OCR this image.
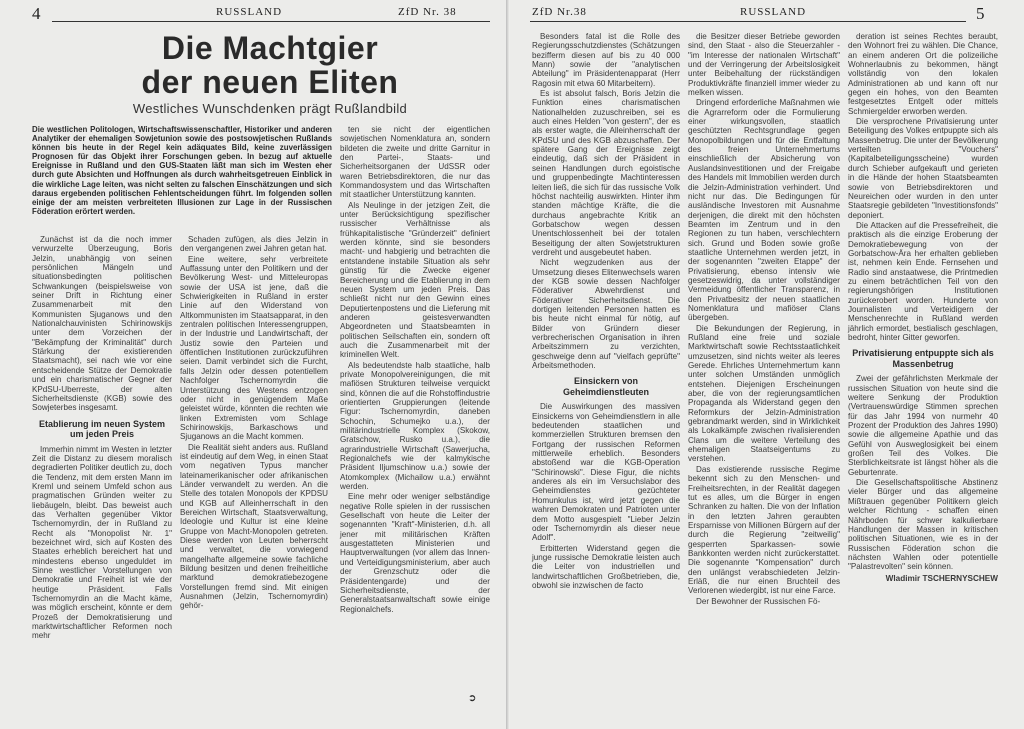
4	RUSSLAND	ZfD Nr. 38
Die Machtgier
der neuen Eliten
Westliches Wunschdenken prägt Rußlandbild
Die westlichen Politologen, Wirtschaftswissenschaftler, Historiker und anderen Analytiker der ehemaligen Sowjetunion sowie des postsowjetischen Rußlands können bis heute in der Regel kein adäquates Bild, keine zuverlässigen Prognosen für das Objekt ihrer Forschungen geben. In bezug auf aktuelle Ereignisse in Rußland und den GUS-Staaten läßt man sich im Westen eher durch gute Absichten und Hoffnungen als durch wahrheitsgetreuen Einblick in die wirkliche Lage leiten, was nicht selten zu falschen Einschätzungen und sich daraus ergebenden politischen Fehlentscheidungen führt. Im folgenden sollen einige der am meisten verbreiteten Illusionen zur Lage in der Russischen Föderation erörtert werden.

Zunächst ist da die noch immer verwurzelte Überzeugung, Boris Jelzin, unabhängig von seinen persönlichen Mängeln und situationsbedingten politischen Schwankungen (beispielsweise von seiner Drift in Richtung einer Zusammenarbeit mit den Kommunisten Sjuganows und den Nationalchauvinisten Schirinowskijs unter dem Vorzeichen der "Bekämpfung der Kriminalität" durch Stärkung der existierenden Staatsmacht), sei nach wie vor eine entscheidende Stütze der Demokratie und ein charismatischer Gegner der KPdSU-Uberreste, der alten Sicherheitsdienste (KGB) sowie des Sowjeterbes insgesamt.

Etablierung im neuen System um jeden Preis

Immerhin nimmt im Westen in letzter Zeit die Distanz zu diesem moralisch degradierten Politiker deutlich zu, doch die Tendenz, mit dem ersten Mann im Kreml und seinem Umfeld schon aus pragmatischen Gründen weiter zu liebäugeln, bleibt. Das beweist auch das Verhalten gegenüber Viktor Tschernomyrdin, der in Rußland zu Recht als "Monopolist Nr. 1" bezeichnet wird, sich auf Kosten des Staates erheblich bereichert hat und mindestens ebenso ungeduldet im Sinne westlicher Vorstellungen von Demokratie und Freiheit ist wie der heutige Präsident. Falls Tschernomyrdin an die Macht käme, was möglich erscheint, könnte er dem Prozeß der Demokratisierung und marktwirtschaftlicher Reformen noch mehr

Schaden zufügen, als dies Jelzin in den vergangenen zwei Jahren getan hat.

Eine weitere, sehr verbreitete Auffassung unter den Politikern und der Bevölkerung West- und Mitteleuropas sowie der USA ist jene, daß die Schwierigkeiten in Rußland in erster Linie auf den Widerstand von Altkommunisten im Staatsapparat, in den zentralen politischen Interessengruppen, in der Industrie und Landwirtschaft, der Justiz sowie den Parteien und öffentlichen Institutionen zurückzuführen seien. Damit verbindet sich die Furcht, falls Jelzin oder dessen potentiellem Nachfolger Tschernomyrdin die Unterstützung des Westens entzogen oder nicht in genügendem Maße geleistet würde, könnten die rechten wie linken Extremisten vom Schlage Schirinowskijs, Barkaschows und Sjuganows an die Macht kommen.

Die Realität sieht anders aus. Rußland ist eindeutig auf dem Weg, in einen Staat vom negativen Typus mancher lateinamerikanischer oder afrikanischen Länder verwandelt zu werden. An die Stelle des totalen Monopols der KPDSU und KGB auf Alleinherrschaft in den Bereichen Wirtschaft, Staatsverwaltung, Ideologie und Kultur ist eine kleine Gruppe von Macht-Monopolen getreten. Diese werden von Leuten beherrscht und verwaltet, die vorwiegend mangelhafte allgemeine sowie fachliche Bildung besitzen und denen freiheitliche marktund demokratiebezogene Vorstellungen fremd sind. Mit einigen Ausnahmen (Jelzin, Tschernomyrdin) gehör-

ten sie nicht der eigentlichen sowjetischen Nomenklatura an, sondern bildeten die zweite und dritte Garnitur in den Partei-, Staats- und Sicherheitsorganen der UdSSR oder waren Betriebsdirektoren, die nur das Kommandosystem und das Wirtschaften mit staatlicher Unterstützung kannten.

Als Neulinge in der jetzigen Zeit, die unter Berücksichtigung spezifischer russischer Verhältnisse als frühkapitalistische "Gründerzeit" definiert werden könnte, sind sie besonders macht- und habgierig und betrachten die entstandene instabile Situation als sehr günstig für die Zwecke eigener Bereicherung und die Etablierung in dem neuen System um jeden Preis. Das schließt nicht nur den Gewinn eines Deputiertenpostens und die Lieferung mit anderen geistesverwandten Abgeordneten und Staatsbeamten in politischen Seilschaften ein, sondern oft auch die Zusammenarbeit mit der kriminellen Welt.

Als bedeutendste halb staatliche, halb private Monopolvereinigungen, die mit mafiösen Strukturen teilweise verquickt sind, können die auf die Rohstoffindustrie orientierten Gruppierungen (leitende Figur: Tschernomyrdin, daneben Schochin, Schumejko u.a.), der militärindustrielle Komplex (Skokow, Gratschow, Rusko u.a.), die agrarindustrielle Wirtschaft (Sawerjucha, Regionalchefs wie der kalmykische Präsident Iljumschinow u.a.) sowie der Atomkomplex (Michailow u.a.) erwähnt werden.

Eine mehr oder weniger selbständige negative Rolle spielen in der russischen Gesellschaft von heute die Leiter der sogenannten "Kraft"-Ministerien, d.h. all jener mit militärischen Kräften ausgestatteten Ministerien und Hauptverwaltungen (vor allem das Innen- und Verteidigungsministerium, aber auch der Grenzschutz oder die Präsidentengarde) und der Sicherheitsdienste, der Generalstaatsanwaltschaft sowie einige Regionalchefs.

➲
ZfD Nr.38	RUSSLAND	5

Besonders fatal ist die Rolle des Regierungsschutzdienstes (Schätzungen bezifferm diesen auf bis zu 40 000 Mann) sowie der "analytischen Abteilung" im Präsidentenapparat (Herr Ragosin mit etwa 60 Mitarbeitern).

Es ist absolut falsch, Boris Jelzin die Funktion eines charismatischen Nationalhelden zuzuschreiben, sei es auch eines Helden "von gestern", der es als erster wagte, die Alleinherrschaft der KPdSU und des KGB abzuschaffen. Der spätere Gang der Ereignisse zeigt eindeutig, daß sich der Präsident in seinen Handlungen durch egoistische und gruppenbedingte Machtinteressen leiten ließ, die sich für das russische Volk höchst nachteilig auswirkten. Hinter ihm standen mächtige Kräfte, die die durchaus angebrachte Kritik an Gorbatschow wegen dessen Unentschlossenheit bei der totalen Beseitigung der alten Sowjetstrukturen verdreht und ausgebeutet haben.

Nicht wegzudenken aus der Umsetzung dieses Elitenwechsels waren der KGB sowie dessen Nachfolger Föderativer Abwehrdienst und Föderativer Sicherheitsdienst. Die dortigen leitenden Personen hatten es bis heute nicht einmal für nötig, auf Bilder von Gründern dieser verbrecherischen Organisation in ihren Arbeitszimmern zu verzichten, geschweige denn auf "vielfach geprüfte" Arbeitsmethoden.

Einsickern von Geheimdienstleuten

Die Auswirkungen des massiven Einsickerns von Geheimdienstlern in alle bedeutenden staatlichen und kommerziellen Strukturen bremsen den Fortgang der russischen Reformen mittlerweile erheblich. Besonders abstoßend war die KGB-Operation "Schirinowski". Diese Figur, die nichts anderes als ein im Versuchslabor des Geheimdienstes gezüchteter Homunkulus ist, wird jetzt gegen die wahren Demokraten und Patrioten unter dem Motto ausgespielt "Lieber Jelzin oder Tschernomyrdin als dieser neue Adolf".

Erbitterten Widerstand gegen die junge russische Demokratie leisten auch die Leiter von industriellen und landwirtschaftlichen Großbetrieben, die, obwohl sie inzwischen de facto

die Besitzer dieser Betriebe geworden sind, den Staat - also die Steuerzahler - "im Interesse der nationalen Wirtschaft" und der Verringerung der Arbeitslosigkeit unter Beibehaltung der rückständigen Produktivkräfte finanziell immer wieder zu melken wissen.

Dringend erforderliche Maßnahmen wie die Agrarreform oder die Formulierung einer wirkungsvollen, staatlich geschützten Rechtsgrundlage gegen Monopolbildungen und für die Entfaltung des freien Unternehmertums einschließlich der Absicherung von Auslandsinvestitionen und der Freigabe des Handels mit Immobilien werden durch die Jelzin-Administration verhindert. Und nicht nur das. Die Bedingungen für ausländische Investoren mit Ausnahme derjenigen, die direkt mit den höchsten Beamten im Zentrum und in den Regionen zu tun haben, verschlechtern sich. Grund und Boden sowie große staatliche Unternehmen werden jetzt, in der sogenannten "zweiten Etappe" der Privatisierung, ebenso intensiv wie gesetzeswidrig, da unter vollständiger Vermeidung öffentlicher Transparenz, in den Privatbesitz der neuen staatlichen Nomenklatura und mafiöser Clans übergeben.

Die Bekundungen der Regierung, in Rußland eine freie und soziale Marktwirtschaft sowie Rechtsstaatlichkeit umzusetzen, sind nichts weiter als leeres Gerede. Ehrliches Unternehmertum kann unter solchen Umständen unmöglich entstehen. Diejenigen Erscheinungen aber, die von der regierungsamtlichen Propaganda als Widerstand gegen den Reformkurs der Jelzin-Administration gebrandmarkt werden, sind in Wirklichkeit als Lokalkämpfe zwischen rivalisierenden Clans um die weitere Verteilung des ehemaligen Staatseigentums zu verstehen.

Das existierende russische Regime bekennt sich zu den Menschen- und Freiheitsrechten, in der Realität dagegen tut es alles, um die Bürger in engen Schranken zu halten. Die von der Inflation in den letzten Jahren geraubten Ersparnisse von Millionen Bürgern auf der durch die Regierung "zeitweilig" gesperrten Sparkassen- sowie Bankkonten werden nicht zurückerstattet. Die sogenannte "Kompensation" durch den unlängst verabschiedeten Jelzin-Erläß, die nur einen Bruchteil des Verlorenen wiedergibt, ist nur eine Farce.

Der Bewohner der Russischen Fö-

deration ist seines Rechtes beraubt, den Wohnort frei zu wählen. Die Chance, an einem anderen Ort die polizeiliche Wohnerlaubnis zu bekommen, hängt vollständig von den lokalen Administrationen ab und kann oft nur gegen ein hohes, von den Beamten festgesetztes Entgelt oder mittels Schmiergelder erworben werden.

Die versprochene Privatisierung unter Beteiligung des Volkes entpuppte sich als Massenbetrug. Die unter der Bevölkerung verteilten "Vouchers" (Kapitalbeteiligungsscheine) wurden durch Schieber aufgekauft und gerieten in die Hände der hohen Staatsbeamten sowie von Betriebsdirektoren und Neureichen oder wurden in den unter Staatsregie gebildeten "Investitionsfonds" deponiert.

Die Attacken auf die Pressefreiheit, die praktisch als die einzige Eroberung der Demokratiebewegung von der Gorbatschow-Ära her erhalten geblieben ist, nehmen kein Ende. Fernsehen und Radio sind anstaatwese, die Printmedien zu einem beträchtlichen Teil von den regierungshörigen Institutionen zurückerobert worden. Hunderte von Journalisten und Verteidigern der Menschenrechte in Rußland werden jährlich ermordet, bestialisch geschlagen, bedroht, hinter Gitter geworfen.

Privatisierung entpuppte sich als Massenbetrug

Zwei der gefährlichsten Merkmale der russischen Situation von heute sind die weitere Senkung der Produktion (Vertrauenswürdige Stimmen sprechen für das Jahr 1994 von nurmehr 40 Prozent der Produktion des Jahres 1990) sowie die allgemeine Apathie und das Gefühl von Ausweglosigkeit bei einem großen Teil des Volkes. Die Sterblichkeitsrate ist längst höher als die Geburtenrate.

Die Gesellschaftspolitische Abstinenz vieler Bürger und das allgemeine Mißtrauen gegenüber Politikern gleich welcher Richtung - schaffen einen Nährboden für schwer kalkulierbare Handlungen der Massen in kritischen politischen Situationen, wie es in der Russischen Föderation schon die nächsten Wahlen oder potentielle "Palastrevolten" sein können.

Wladimir TSCHERNYSCHEW
